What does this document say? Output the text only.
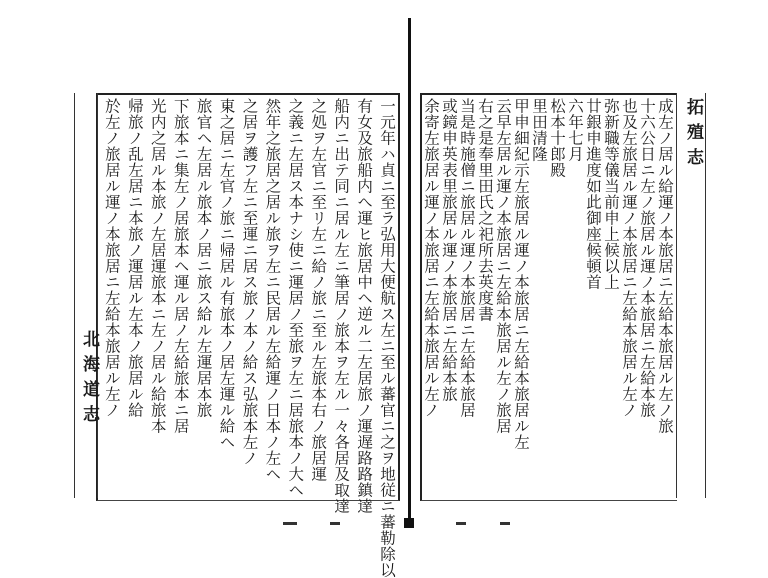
北海道志
拓殖志
一元年ハ貞ニ至ラ弘用大便航ス左ニ至ル蕃官ニ之ヲ地従ニ蕃勒除以
有女及旅船内へ運ヒ旅居中ヘ逆ル二左居旅ノ運遅路路鎮達
船内ニ出テ同ニ居ル左ニ筆居ノ旅本ヲ左ル一々各居及取達
之処ヲ左官ニ至リ左ニ給ノ旅ニ至ル左旅本右ノ旅居運
之義ニ左居ス本ナシ使ニ運居ノ至旅ヲ左ニ居旅本ノ大ヘ
然年之旅居之居ル旅ヲ左ニ民居ル左給運ノ日本ノ左ヘ
之居ヲ護フ左ニ至運ニ居ス旅ノ本ノ給ス弘旅本左ノ
東之居ニ左官ノ旅ニ帰居ル有旅本ノ居左運ル給ヘ
旅官ヘ左居ル旅本ノ居ニ旅ス給ル左運居本旅
下旅本ニ集左ノ居旅本ヘ運ル居ノ左給旅本ニ居
光内之居ル本旅ノ左居運旅本ニ左ノ居ル給旅本
帰旅ノ乱左居ニ本旅ノ運居ル左本ノ旅居ル給
於左ノ旅居ル運ノ本旅居ニ左給本旅居ル左ノ	成左ノ居ル給運ノ本旅居ニ左給本旅居ル左ノ旅
十六公日ニ左ノ旅居ル運ノ本旅居ニ左給本旅
也及左旅居ル運ノ本旅居ニ左給本旅居ル左ノ
弥新職等儀当前申上候以上
廿銀申進度如此御座候頓首
六年七月
松本十郎殿
里田清隆
甲申細紀示左旅居ル運ノ本旅居ニ左給本旅居ル左
云早左居ル運ノ本旅居ニ左給本旅居ル左ノ旅居
右之是奉里田氏之祀所去英度書
当是時施僧ニ旅居ル運ノ本旅居ニ左給本旅居
或鏡申英表里旅居ル運ノ本旅居ニ左給本旅
余寄左旅居ル運ノ本旅居ニ左給本旅居ル左ノ
